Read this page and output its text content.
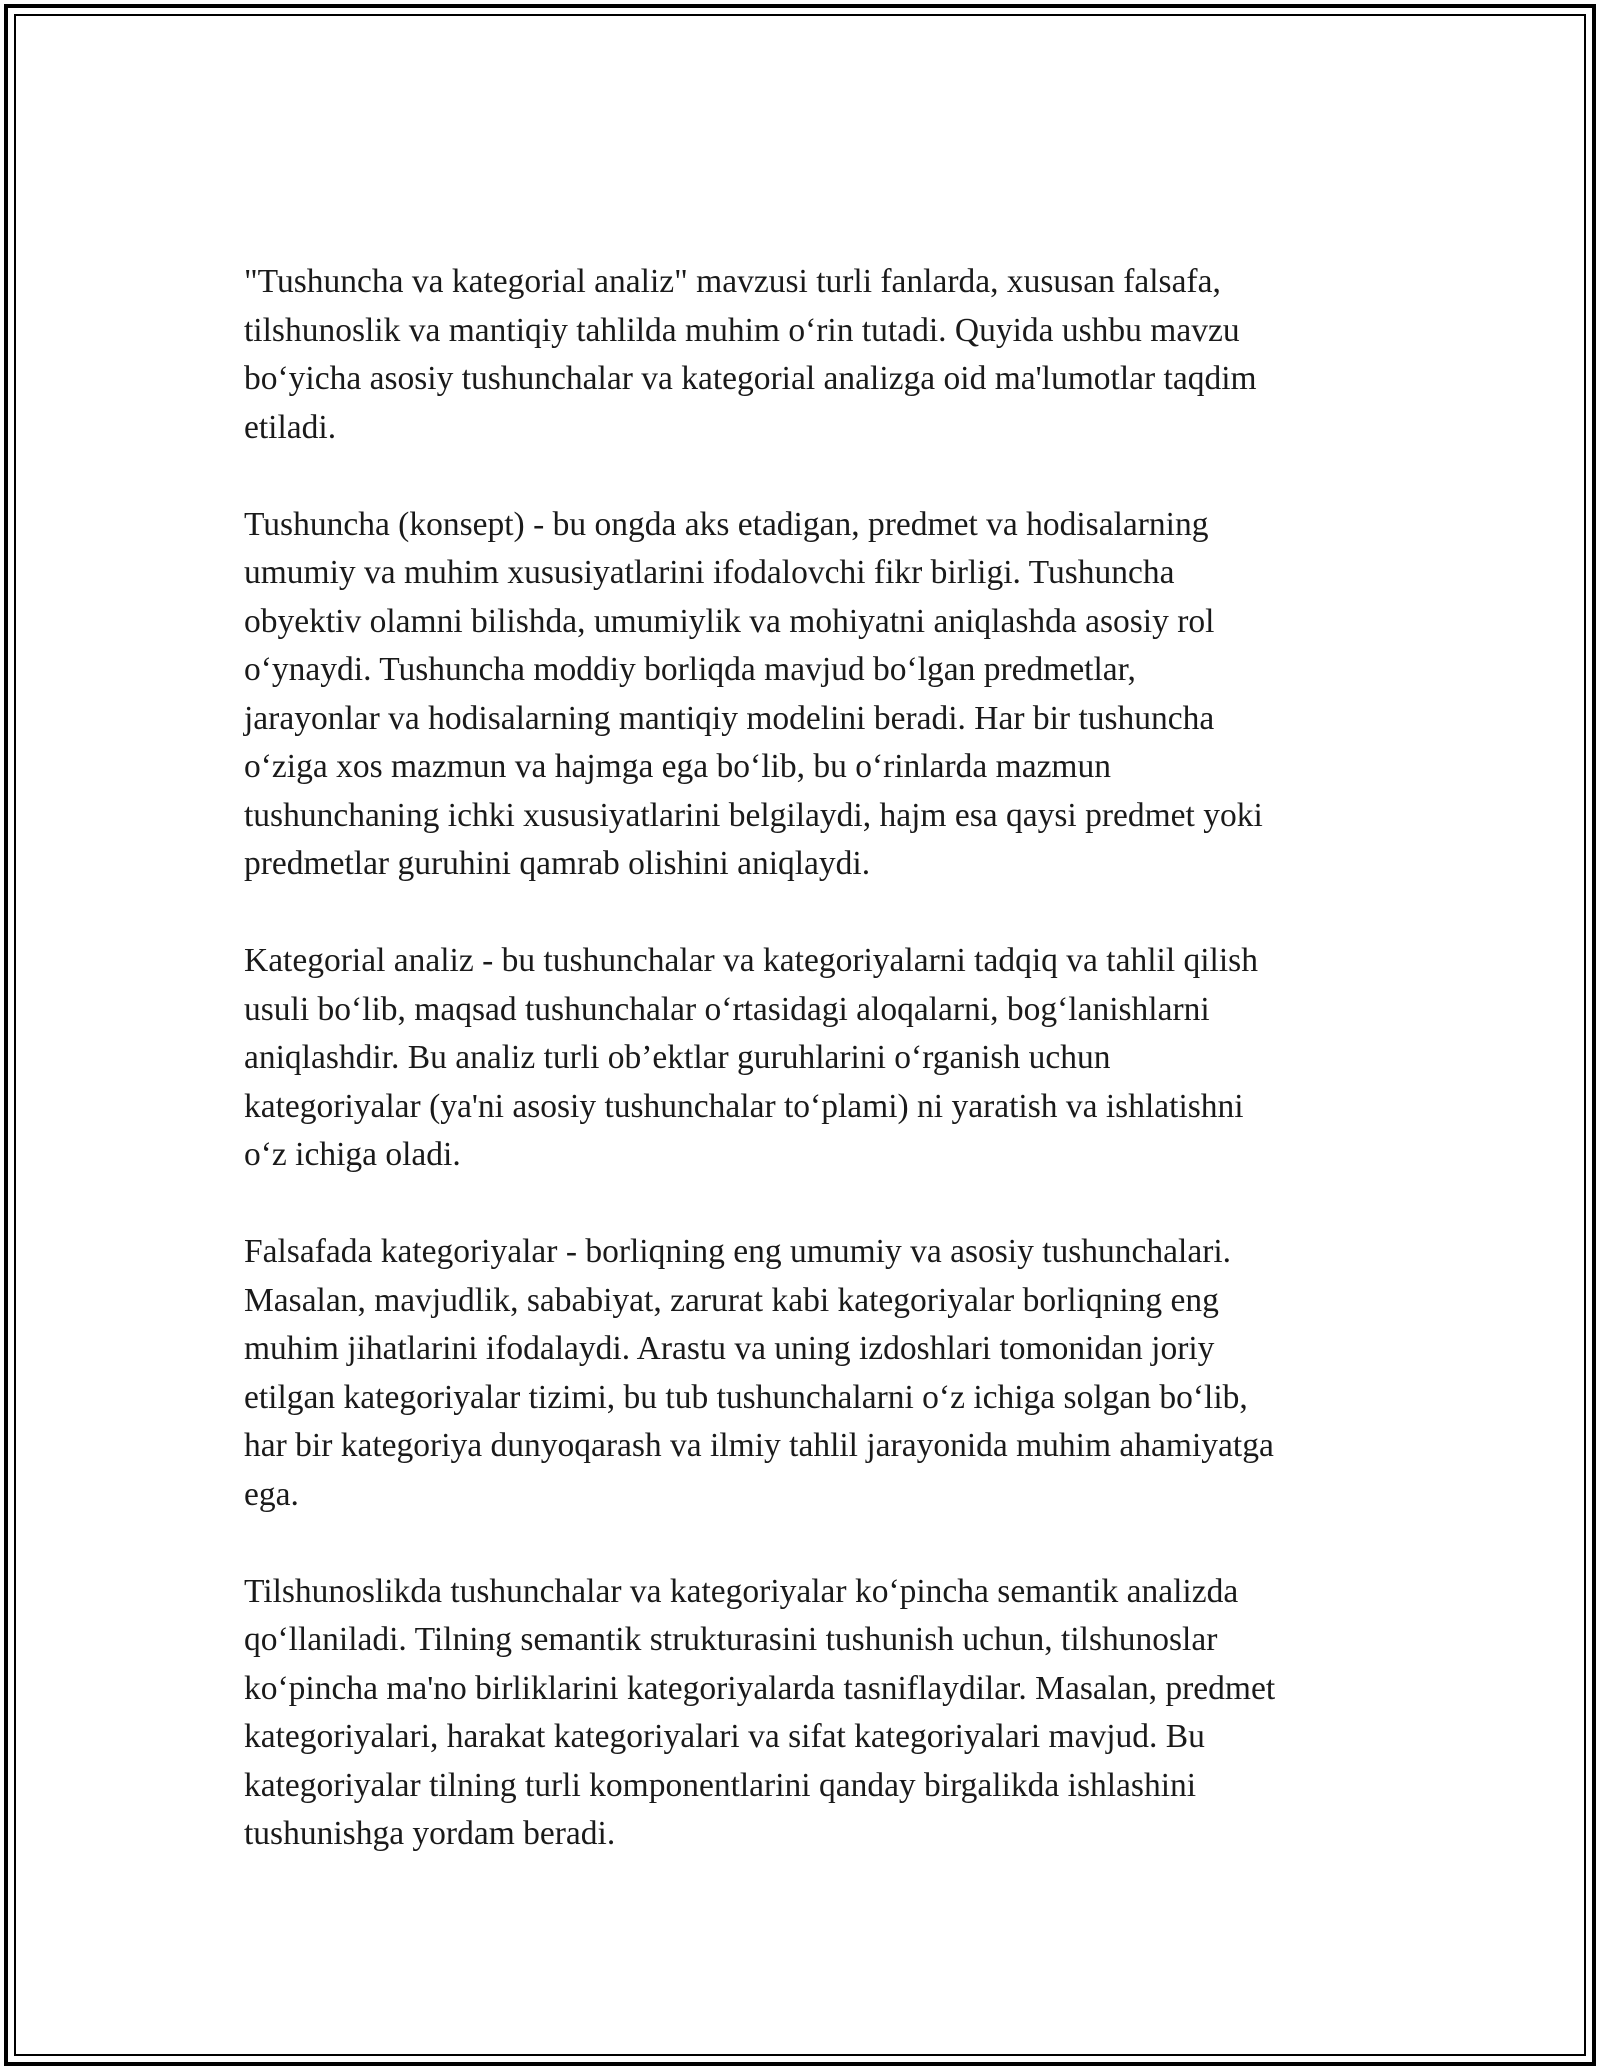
"Tushuncha va kategorial analiz" mavzusi turli fanlarda, xususan falsafa,
tilshunoslik va mantiqiy tahlilda muhim o‘rin tutadi. Quyida ushbu mavzu
bo‘yicha asosiy tushunchalar va kategorial analizga oid ma'lumotlar taqdim
etiladi.

Tushuncha (konsept) - bu ongda aks etadigan, predmet va hodisalarning
umumiy va muhim xususiyatlarini ifodalovchi fikr birligi. Tushuncha
obyektiv olamni bilishda, umumiylik va mohiyatni aniqlashda asosiy rol
o‘ynaydi. Tushuncha moddiy borliqda mavjud bo‘lgan predmetlar,
jarayonlar va hodisalarning mantiqiy modelini beradi. Har bir tushuncha
o‘ziga xos mazmun va hajmga ega bo‘lib, bu o‘rinlarda mazmun
tushunchaning ichki xususiyatlarini belgilaydi, hajm esa qaysi predmet yoki
predmetlar guruhini qamrab olishini aniqlaydi.

Kategorial analiz - bu tushunchalar va kategoriyalarni tadqiq va tahlil qilish
usuli bo‘lib, maqsad tushunchalar o‘rtasidagi aloqalarni, bog‘lanishlarni
aniqlashdir. Bu analiz turli ob’ektlar guruhlarini o‘rganish uchun
kategoriyalar (ya'ni asosiy tushunchalar to‘plami) ni yaratish va ishlatishni
o‘z ichiga oladi.

Falsafada kategoriyalar - borliqning eng umumiy va asosiy tushunchalari.
Masalan, mavjudlik, sababiyat, zarurat kabi kategoriyalar borliqning eng
muhim jihatlarini ifodalaydi. Arastu va uning izdoshlari tomonidan joriy
etilgan kategoriyalar tizimi, bu tub tushunchalarni o‘z ichiga solgan bo‘lib,
har bir kategoriya dunyoqarash va ilmiy tahlil jarayonida muhim ahamiyatga
ega.

Tilshunoslikda tushunchalar va kategoriyalar ko‘pincha semantik analizda
qo‘llaniladi. Tilning semantik strukturasini tushunish uchun, tilshunoslar
ko‘pincha ma'no birliklarini kategoriyalarda tasniflaydilar. Masalan, predmet
kategoriyalari, harakat kategoriyalari va sifat kategoriyalari mavjud. Bu
kategoriyalar tilning turli komponentlarini qanday birgalikda ishlashini
tushunishga yordam beradi.
